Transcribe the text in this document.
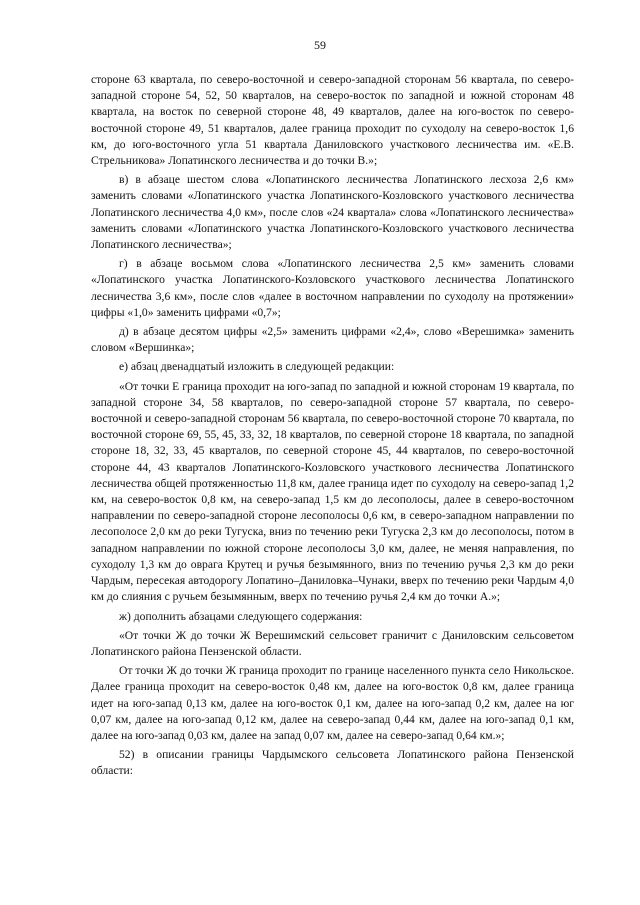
59

стороне 63 квартала, по северо-восточной и северо-западной сторонам 56 квартала, по северо-западной стороне 54, 52, 50 кварталов, на северо-восток по западной и южной сторонам 48 квартала, на восток по северной стороне 48, 49 кварталов, далее на юго-восток по северо-восточной стороне 49, 51 кварталов, далее граница проходит по суходолу на северо-восток 1,6 км, до юго-восточного угла 51 квартала Даниловского участкового лесничества им. «Е.В. Стрельникова» Лопатинского лесничества и до точки В.»;

в) в абзаце шестом слова «Лопатинского лесничества Лопатинского лесхоза 2,6 км» заменить словами «Лопатинского участка Лопатинского-Козловского участкового лесничества Лопатинского лесничества 4,0 км», после слов «24 квартала» слова «Лопатинского лесничества» заменить словами «Лопатинского участка Лопатинского-Козловского участкового лесничества Лопатинского лесничества»;

г) в абзаце восьмом слова «Лопатинского лесничества 2,5 км» заменить словами «Лопатинского участка Лопатинского-Козловского участкового лесничества Лопатинского лесничества 3,6 км», после слов «далее в восточном направлении по суходолу на протяжении» цифры «1,0» заменить цифрами «0,7»;

д) в абзаце десятом цифры «2,5» заменить цифрами «2,4», слово «Верешимка» заменить словом «Вершинка»;

е) абзац двенадцатый изложить в следующей редакции:

«От точки Е граница проходит на юго-запад по западной и южной сторонам 19 квартала, по западной стороне 34, 58 кварталов, по северо-западной стороне 57 квартала, по северо-восточной и северо-западной сторонам 56 квартала, по северо-восточной стороне 70 квартала, по восточной стороне 69, 55, 45, 33, 32, 18 кварталов, по северной стороне 18 квартала, по западной стороне 18, 32, 33, 45 кварталов, по северной стороне 45, 44 кварталов, по северо-восточной стороне 44, 43 кварталов Лопатинского-Козловского участкового лесничества Лопатинского лесничества общей протяженностью 11,8 км, далее граница идет по суходолу на северо-запад 1,2 км, на северо-восток 0,8 км, на северо-запад 1,5 км до лесополосы, далее в северо-восточном направлении по северо-западной стороне лесополосы 0,6 км, в северо-западном направлении по лесополосе 2,0 км до реки Тугуска, вниз по течению реки Тугуска 2,3 км до лесополосы, потом в западном направлении по южной стороне лесополосы 3,0 км, далее, не меняя направления, по суходолу 1,3 км до оврага Крутец и ручья безымянного, вниз по течению ручья 2,3 км до реки Чардым, пересекая автодорогу Лопатино–Даниловка–Чунаки, вверх по течению реки Чардым 4,0 км до слияния с ручьем безымянным, вверх по течению ручья 2,4 км до точки А.»;

ж) дополнить абзацами следующего содержания:

«От точки Ж до точки Ж Верешимский сельсовет граничит с Даниловским сельсоветом Лопатинского района Пензенской области.

От точки Ж до точки Ж граница проходит по границе населенного пункта село Никольское. Далее граница проходит на северо-восток 0,48 км, далее на юго-восток 0,8 км, далее граница идет на юго-запад 0,13 км, далее на юго-восток 0,1 км, далее на юго-запад 0,2 км, далее на юг 0,07 км, далее на юго-запад 0,12 км, далее на северо-запад 0,44 км, далее на юго-запад 0,1 км, далее на юго-запад 0,03 км, далее на запад 0,07 км, далее на северо-запад 0,64 км.»;

52) в описании границы Чардымского сельсовета Лопатинского района Пензенской области:
